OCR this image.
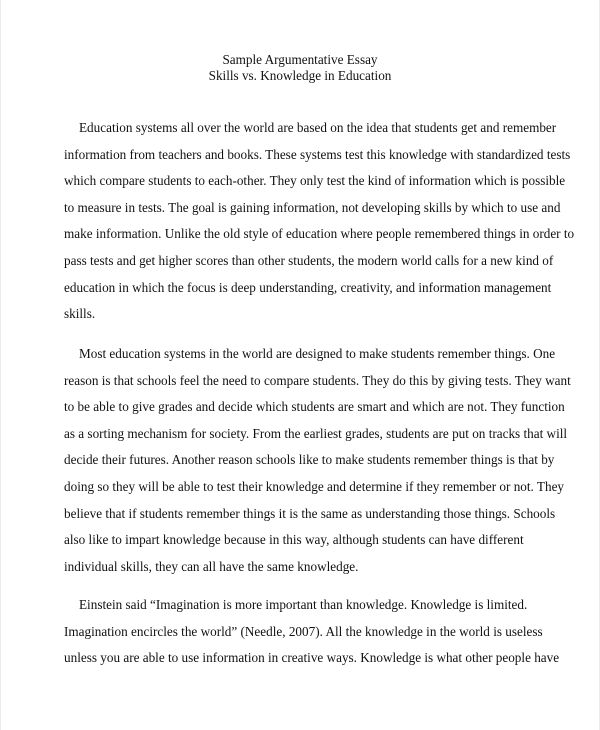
Sample Argumentative Essay
Skills vs. Knowledge in Education
Education systems all over the world are based on the idea that students get and remember
information from teachers and books. These systems test this knowledge with standardized tests
which compare students to each-other. They only test the kind of information which is possible
to measure in tests. The goal is gaining information, not developing skills by which to use and
make information. Unlike the old style of education where people remembered things in order to
pass tests and get higher scores than other students, the modern world calls for a new kind of
education in which the focus is deep understanding, creativity, and information management
skills.
Most education systems in the world are designed to make students remember things. One
reason is that schools feel the need to compare students. They do this by giving tests. They want
to be able to give grades and decide which students are smart and which are not. They function
as a sorting mechanism for society. From the earliest grades, students are put on tracks that will
decide their futures. Another reason schools like to make students remember things is that by
doing so they will be able to test their knowledge and determine if they remember or not. They
believe that if students remember things it is the same as understanding those things. Schools
also like to impart knowledge because in this way, although students can have different
individual skills, they can all have the same knowledge.
Einstein said “Imagination is more important than knowledge. Knowledge is limited.
Imagination encircles the world” (Needle, 2007). All the knowledge in the world is useless
unless you are able to use information in creative ways. Knowledge is what other people have
